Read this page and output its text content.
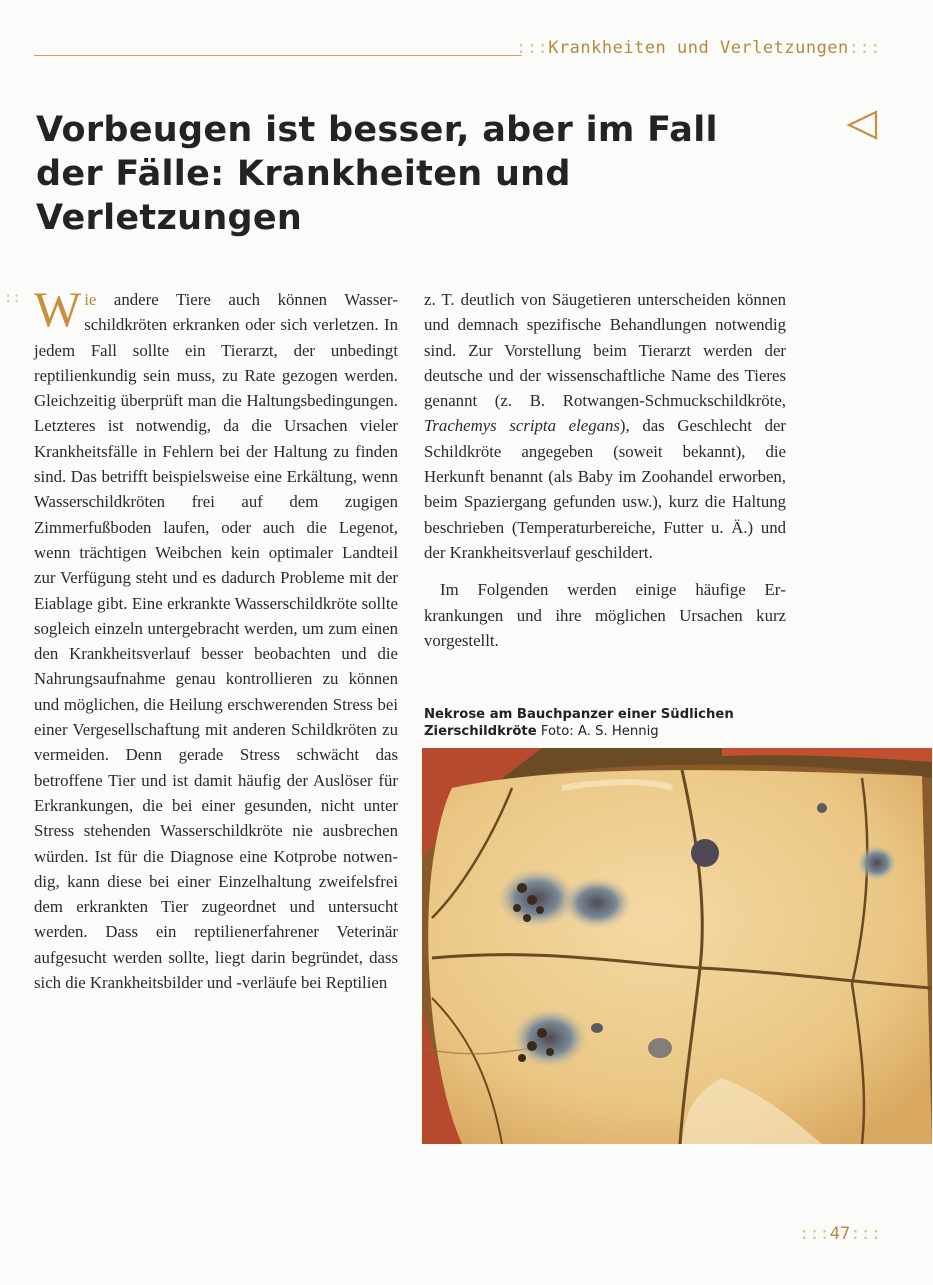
:::Krankheiten und Verletzungen:::
Vorbeugen ist besser, aber im Fall der Fälle: Krankheiten und Verletzungen
:: Wie andere Tiere auch können Wasserschildkröten erkranken oder sich verletzen. In jedem Fall sollte ein Tierarzt, der unbedingt reptilienkundig sein muss, zu Rate gezogen werden. Gleichzeitig überprüft man die Haltungsbedingungen. Letzteres ist notwendig, da die Ursachen vieler Krankheitsfälle in Fehlern bei der Haltung zu finden sind. Das betrifft beispielsweise eine Erkältung, wenn Wasserschildkröten frei auf dem zugigen Zimmerfußboden laufen, oder auch die Legenot, wenn trächtigen Weibchen kein optimaler Landteil zur Verfügung steht und es dadurch Probleme mit der Eiablage gibt. Eine erkrankte Wasserschildkröte sollte sogleich einzeln untergebracht werden, um zum einen den Krankheitsverlauf besser beobachten und die Nahrungsaufnahme genau kontrollieren zu können und möglichen, die Heilung erschwerenden Stress bei einer Vergesellschaftung mit anderen Schildkröten zu vermeiden. Denn gerade Stress schwächt das betroffene Tier und ist damit häufig der Auslöser für Erkrankungen, die bei einer gesunden, nicht unter Stress stehenden Wasserschildkröte nie ausbrechen würden. Ist für die Diagnose eine Kotprobe notwendig, kann diese bei einer Einzelhaltung zweifelsfrei dem erkrankten Tier zugeordnet und untersucht werden. Dass ein reptilienerfahrener Veterinär aufgesucht werden sollte, liegt darin begründet, dass sich die Krankheitsbilder und -verläufe bei Reptilien

z. T. deutlich von Säugetieren unterscheiden können und demnach spezifische Behandlungen notwendig sind. Zur Vorstellung beim Tierarzt werden der deutsche und der wissenschaftliche Name des Tieres genannt (z. B. Rotwangen-Schmuckschildkröte, Trachemys scripta elegans), das Geschlecht der Schildkröte angegeben (soweit bekannt), die Herkunft benannt (als Baby im Zoohandel erworben, beim Spaziergang gefunden usw.), kurz die Haltung beschrieben (Temperaturbereiche, Futter u. Ä.) und der Krankheitsverlauf geschildert.

Im Folgenden werden einige häufige Erkrankungen und ihre möglichen Ursachen kurz vorgestellt.

Nekrose am Bauchpanzer einer Südlichen Zierschildkröte Foto: A. S. Hennig
:::47:::
